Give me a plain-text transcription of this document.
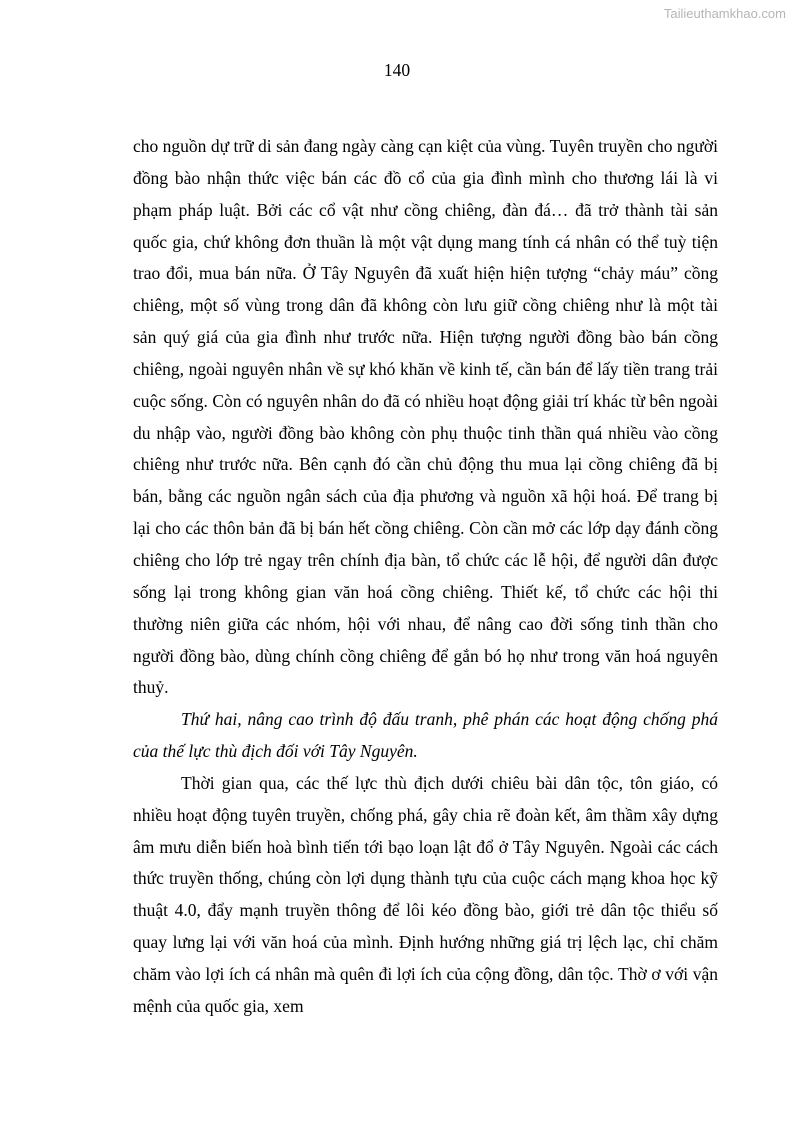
Tailieuthamkhao.com
140

cho nguồn dự trữ di sản đang ngày càng cạn kiệt của vùng. Tuyên truyền cho người đồng bào nhận thức việc bán các đồ cổ của gia đình mình cho thương lái là vi phạm pháp luật. Bởi các cổ vật như cồng chiêng, đàn đá… đã trở thành tài sản quốc gia, chứ không đơn thuần là một vật dụng mang tính cá nhân có thể tuỳ tiện trao đổi, mua bán nữa. Ở Tây Nguyên đã xuất hiện hiện tượng “chảy máu” cồng chiêng, một số vùng trong dân đã không còn lưu giữ cồng chiêng như là một tài sản quý giá của gia đình như trước nữa. Hiện tượng người đồng bào bán cồng chiêng, ngoài nguyên nhân về sự khó khăn về kinh tế, cần bán để lấy tiền trang trải cuộc sống. Còn có nguyên nhân do đã có nhiều hoạt động giải trí khác từ bên ngoài du nhập vào, người đồng bào không còn phụ thuộc tinh thần quá nhiều vào cồng chiêng như trước nữa. Bên cạnh đó cần chủ động thu mua lại cồng chiêng đã bị bán, bằng các nguồn ngân sách của địa phương và nguồn xã hội hoá. Để trang bị lại cho các thôn bản đã bị bán hết cồng chiêng. Còn cần mở các lớp dạy đánh cồng chiêng cho lớp trẻ ngay trên chính địa bàn, tổ chức các lễ hội, để người dân được sống lại trong không gian văn hoá cồng chiêng. Thiết kế, tổ chức các hội thi thường niên giữa các nhóm, hội với nhau, để nâng cao đời sống tinh thần cho người đồng bào, dùng chính cồng chiêng để gắn bó họ như trong văn hoá nguyên thuỷ.

Thứ hai, nâng cao trình độ đấu tranh, phê phán các hoạt động chống phá của thế lực thù địch đối với Tây Nguyên.

Thời gian qua, các thế lực thù địch dưới chiêu bài dân tộc, tôn giáo, có nhiều hoạt động tuyên truyền, chống phá, gây chia rẽ đoàn kết, âm thầm xây dựng âm mưu diễn biến hoà bình tiến tới bạo loạn lật đổ ở Tây Nguyên. Ngoài các cách thức truyền thống, chúng còn lợi dụng thành tựu của cuộc cách mạng khoa học kỹ thuật 4.0, đẩy mạnh truyền thông để lôi kéo đồng bào, giới trẻ dân tộc thiểu số quay lưng lại với văn hoá của mình. Định hướng những giá trị lệch lạc, chỉ chăm chăm vào lợi ích cá nhân mà quên đi lợi ích của cộng đồng, dân tộc. Thờ ơ với vận mệnh của quốc gia, xem
